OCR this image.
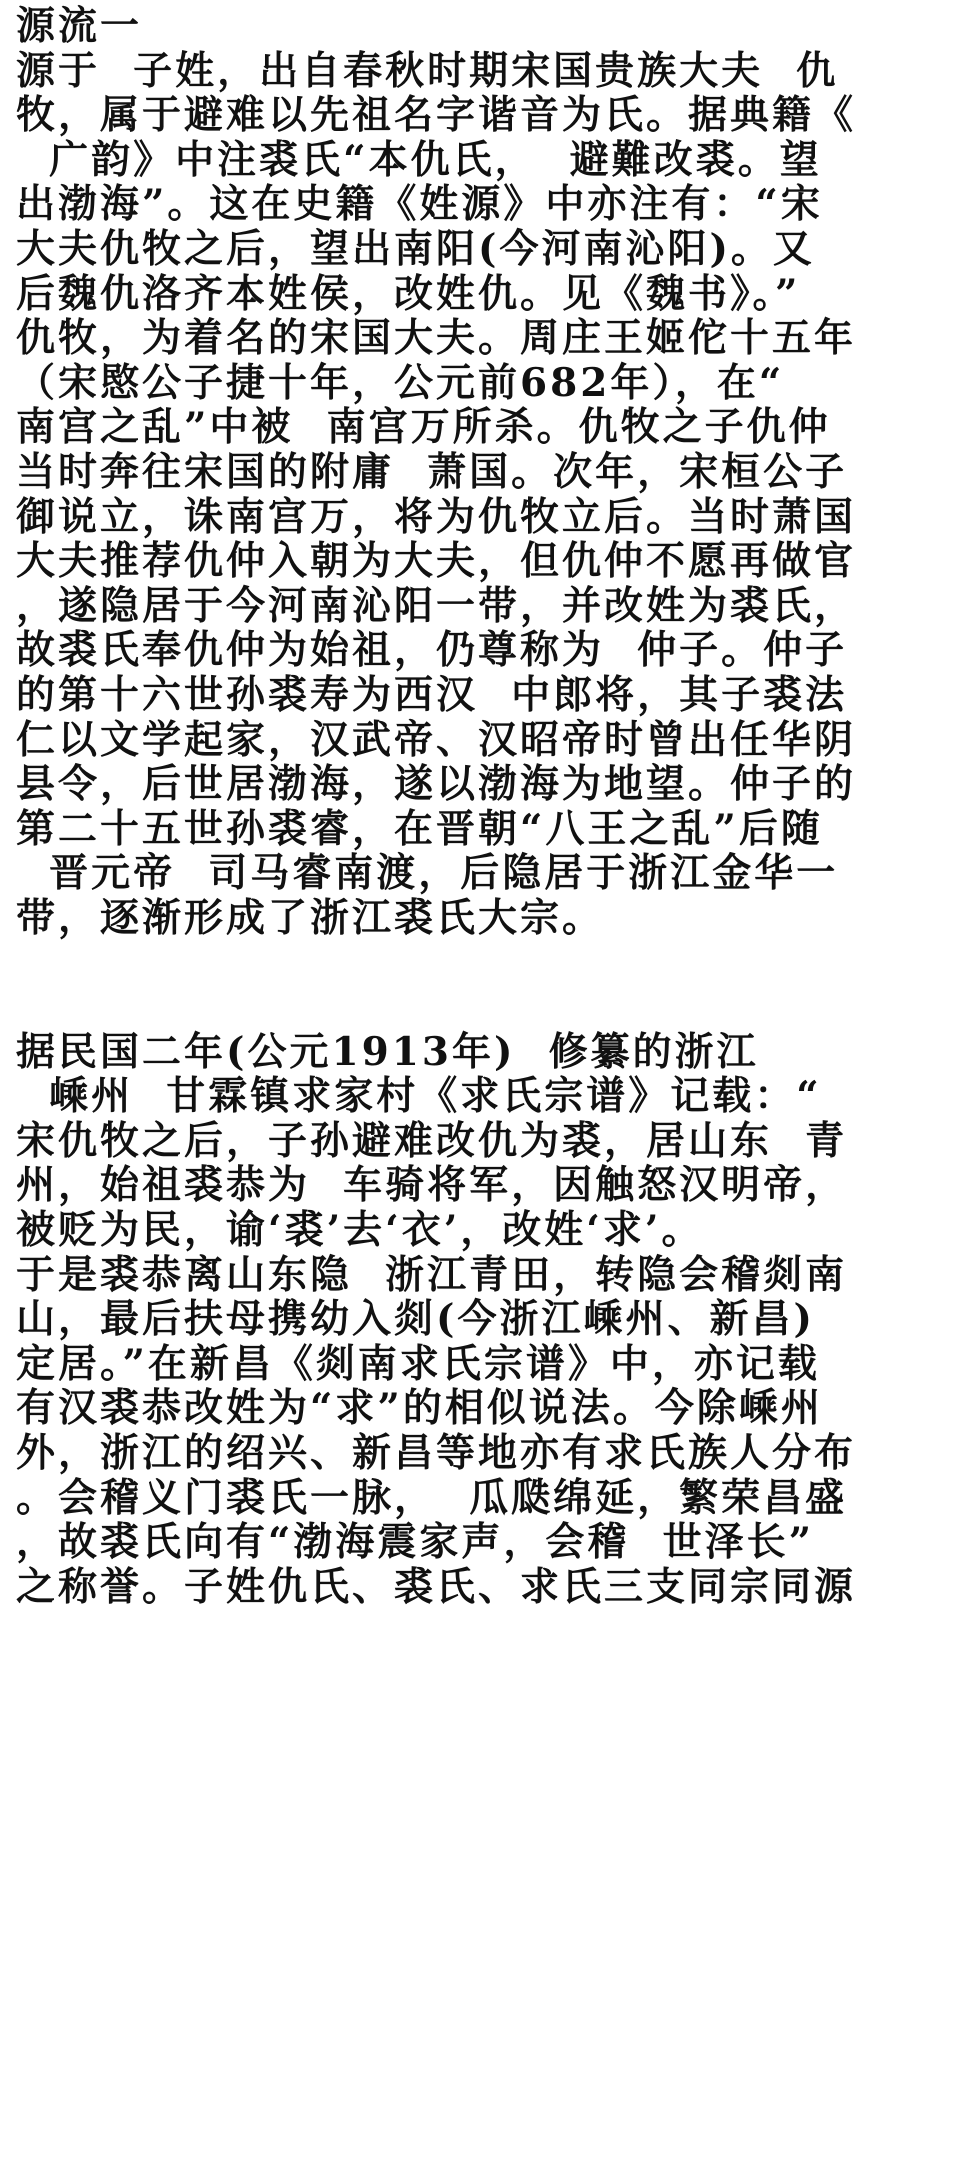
源流一
源于  子姓，出自春秋时期宋国贵族大夫  仇
牧，属于避难以先祖名字谐音为氏。据典籍《
广韵》中注裘氏“本仇氏，  避難改裘。望
出渤海”。这在史籍《姓源》中亦注有：“宋
大夫仇牧之后，望出南阳(今河南沁阳)。又
后魏仇洛齐本姓侯，改姓仇。见《魏书》。”
仇牧，为着名的宋国大夫。周庄王姬佗十五年
（宋愍公子捷十年，公元前682年），在“
南宫之乱”中被  南宫万所杀。仇牧之子仇仲
当时奔往宋国的附庸  萧国。次年，宋桓公子
御说立，诛南宫万，将为仇牧立后。当时萧国
大夫推荐仇仲入朝为大夫，但仇仲不愿再做官
，遂隐居于今河南沁阳一带，并改姓为裘氏，
故裘氏奉仇仲为始祖，仍尊称为  仲子。仲子
的第十六世孙裘寿为西汉  中郎将，其子裘法
仁以文学起家，汉武帝、汉昭帝时曾出任华阴
县令，后世居渤海，遂以渤海为地望。仲子的
第二十五世孙裘睿，在晋朝“八王之乱”后随
晋元帝  司马睿南渡，后隐居于浙江金华一
带，逐渐形成了浙江裘氏大宗。
据民国二年(公元1913年)  修纂的浙江
嵊州  甘霖镇求家村《求氏宗谱》记载：“
宋仇牧之后，子孙避难改仇为裘，居山东  青
州，始祖裘恭为  车骑将军，因触怒汉明帝，
被贬为民，谕‘裘’去‘衣’，改姓‘求’。
于是裘恭离山东隐  浙江青田，转隐会稽剡南
山，最后扶母携幼入剡(今浙江嵊州、新昌)
定居。”在新昌《剡南求氏宗谱》中，亦记载
有汉裘恭改姓为“求”的相似说法。今除嵊州
外，浙江的绍兴、新昌等地亦有求氏族人分布
。会稽义门裘氏一脉，  瓜瓞绵延，繁荣昌盛
，故裘氏向有“渤海震家声，会稽  世泽长”
之称誉。子姓仇氏、裘氏、求氏三支同宗同源
